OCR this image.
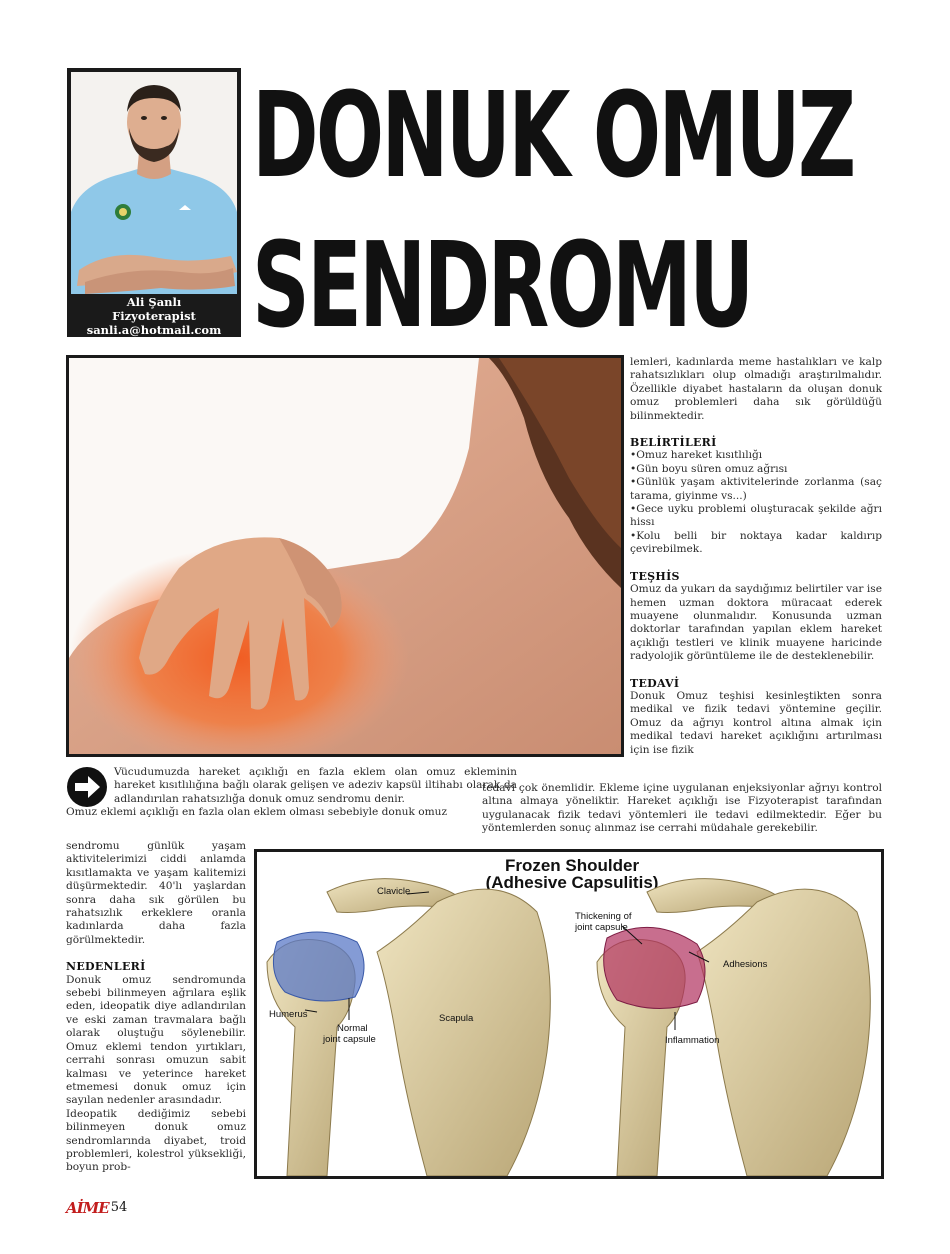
Ali Şanlı
Fizyoterapist
sanli.a@hotmail.com
DONUK OMUZ
SENDROMU

lemleri, kadınlarda meme hastalıkları ve kalp rahatsızlıkları olup olmadığı araştırılmalıdır. Özellikle diyabet hastaların da oluşan donuk omuz problemleri daha sık görüldüğü bilinmektedir.

BELİRTİLERİ

•Omuz hareket kısıtlılığı

•Gün boyu süren omuz ağrısı

•Günlük yaşam aktivitelerinde zorlanma (saç tarama, giyinme vs...)

•Gece uyku problemi oluşturacak şekilde ağrı hissı

•Kolu belli bir noktaya kadar kaldırıp çevirebilmek.

TEŞHİS

Omuz da yukarı da saydığımız belirtiler var ise hemen uzman doktora müracaat ederek muayene olunmalıdır. Konusunda uzman doktorlar tarafından yapılan eklem hareket açıklığı testleri ve klinik muayene haricinde radyolojik görüntüleme ile de desteklenebilir.

TEDAVİ

Donuk Omuz teşhisi kesinleştikten sonra medikal ve fizik tedavi yöntemine geçilir. Omuz da ağrıyı kontrol altına almak için medikal tedavi hareket açıklığını artırılması için ise fizik

Vücudumuzda hareket açıklığı en fazla eklem olan omuz ekleminin hareket kısıtlılığına bağlı olarak gelişen ve adeziv kapsül iltihabı olarak da adlandırılan rahatsızlığa donuk omuz sendromu denir.

Omuz eklemi açıklığı en fazla olan eklem olması sebebiyle donuk omuz

tedavi çok önemlidir. Ekleme içine uygulanan enjeksiyonlar ağrıyı kontrol altına almaya yöneliktir. Hareket açıklığı ise Fizyoterapist tarafından uygulanacak fizik tedavi yöntemleri ile tedavi edilmektedir. Eğer bu yöntemlerden sonuç alınmaz ise cerrahi müdahale gerekebilir.

sendromu günlük yaşam aktivitelerimizi ciddi anlamda kısıtlamakta ve yaşam kalitemizi düşürmektedir. 40'lı yaşlardan sonra daha sık görülen bu rahatsızlık erkeklere oranla kadınlarda daha fazla görülmektedir.

NEDENLERİ

Donuk omuz sendromunda sebebi bilinmeyen ağrılara eşlik eden, ideopatik diye adlandırılan ve eski zaman travmalara bağlı olarak oluştuğu söylenebilir. Omuz eklemi tendon yırtıkları, cerrahi sonrası omuzun sabit kalması ve yeterince hareket etmemesi donuk omuz için sayılan nedenler arasındadır.

Ideopatik dediğimiz sebebi bilinmeyen donuk omuz sendromlarında diyabet, troid problemleri, kolestrol yüksekliği, boyun prob-

Frozen Shoulder
(Adhesive Capsulitis)
Clavicle
Humerus
Normal
joint capsule
Scapula
Thickening of
joint capsule
Adhesions
Inflammation
AİME 54
